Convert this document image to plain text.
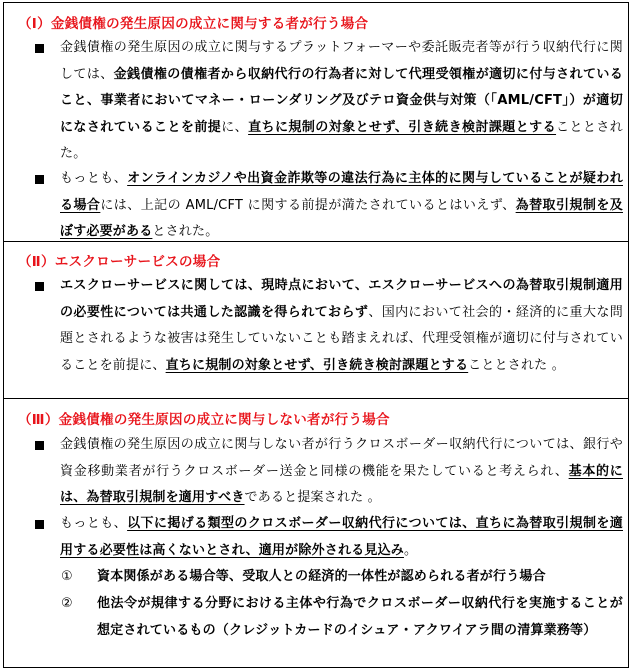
（Ⅰ）金銭債権の発生原因の成立に関与する者が行う場合
金銭債権の発生原因の成立に関与するプラットフォーマーや委託販売者等が行う収納代行に関しては、金銭債権の債権者から収納代行の行為者に対して代理受領権が適切に付与されていること、事業者においてマネー・ローンダリング及びテロ資金供与対策（「AML/CFT」）が適切になされていることを前提に、直ちに規制の対象とせず、引き続き検討課題とすることとされた。
もっとも、オンラインカジノや出資金詐欺等の違法行為に主体的に関与していることが疑われる場合には、上記の AML/CFT に関する前提が満たされているとはいえず、為替取引規制を及ぼす必要があるとされた。
（Ⅱ）エスクローサービスの場合
エスクローサービスに関しては、現時点において、エスクローサービスへの為替取引規制適用の必要性については共通した認識を得られておらず、国内において社会的・経済的に重大な問題とされるような被害は発生していないことも踏まえれば、代理受領権が適切に付与されていることを前提に、直ちに規制の対象とせず、引き続き検討課題とすることとされた 。
（Ⅲ）金銭債権の発生原因の成立に関与しない者が行う場合
金銭債権の発生原因の成立に関与しない者が行うクロスボーダー収納代行については、銀行や資金移動業者が行うクロスボーダー送金と同様の機能を果たしていると考えられ、基本的には、為替取引規制を適用すべきであると提案された 。
もっとも、以下に掲げる類型のクロスボーダー収納代行については、直ちに為替取引規制を適用する必要性は高くないとされ、適用が除外される見込み。
① 資本関係がある場合等、受取人との経済的一体性が認められる者が行う場合
② 他法令が規律する分野における主体や行為でクロスボーダー収納代行を実施することが想定されているもの（クレジットカードのイシュア・アクワイアラ間の清算業務等）
